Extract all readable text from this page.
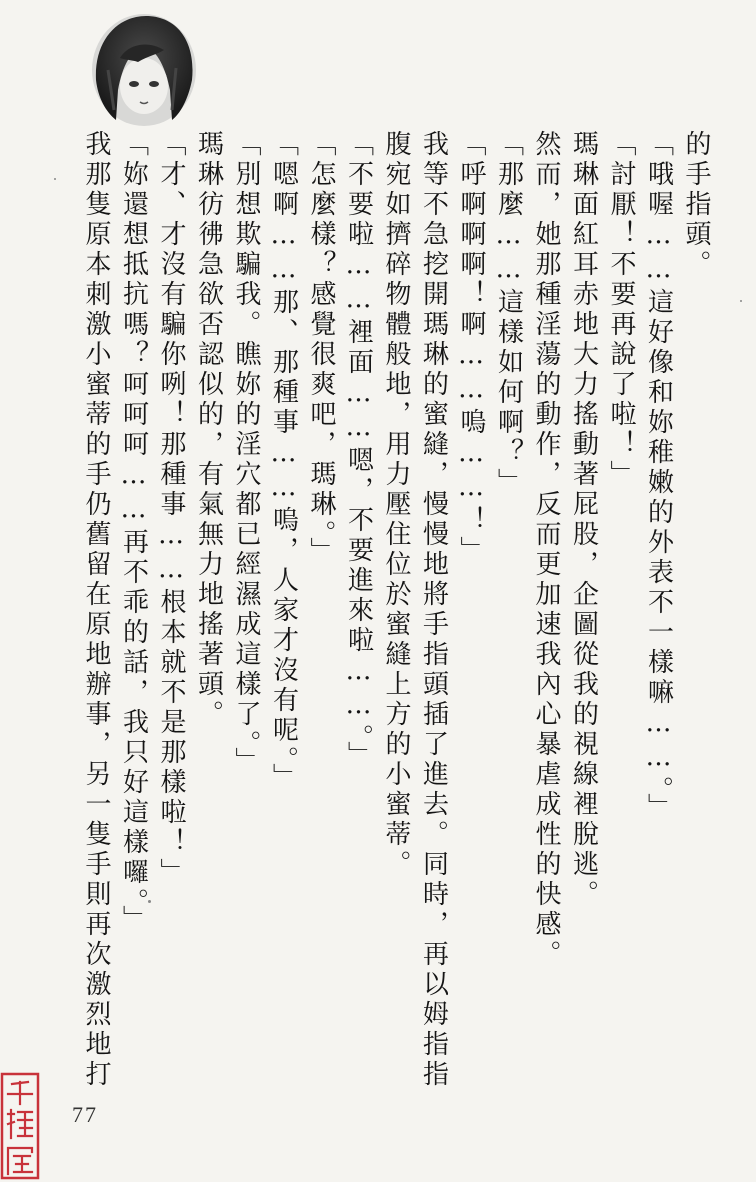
的手指頭。
「哦喔……這好像和妳稚嫩的外表不一樣嘛……。」
「討厭！不要再說了啦！」
瑪琳面紅耳赤地大力搖動著屁股，企圖從我的視線裡脫逃。
然而，她那種淫蕩的動作，反而更加速我內心暴虐成性的快感。
「那麼……這樣如何啊？」
「呼啊啊啊！啊……嗚……！」
我等不急挖開瑪琳的蜜縫，慢慢地將手指頭插了進去。同時，再以姆指指
腹宛如擠碎物體般地，用力壓住位於蜜縫上方的小蜜蒂。
「不要啦……裡面……嗯，不要進來啦……。」
「怎麼樣？感覺很爽吧，瑪琳。」
「嗯啊……那、那種事……嗚，人家才沒有呢。」
「別想欺騙我。瞧妳的淫穴都已經濕成這樣了。」
瑪琳彷彿急欲否認似的，有氣無力地搖著頭。
「才、才沒有騙你咧！那種事……根本就不是那樣啦！」
「妳還想抵抗嗎？呵呵呵……再不乖的話，我只好這樣囉。」
我那隻原本刺激小蜜蒂的手仍舊留在原地辦事，另一隻手則再次激烈地打
77
